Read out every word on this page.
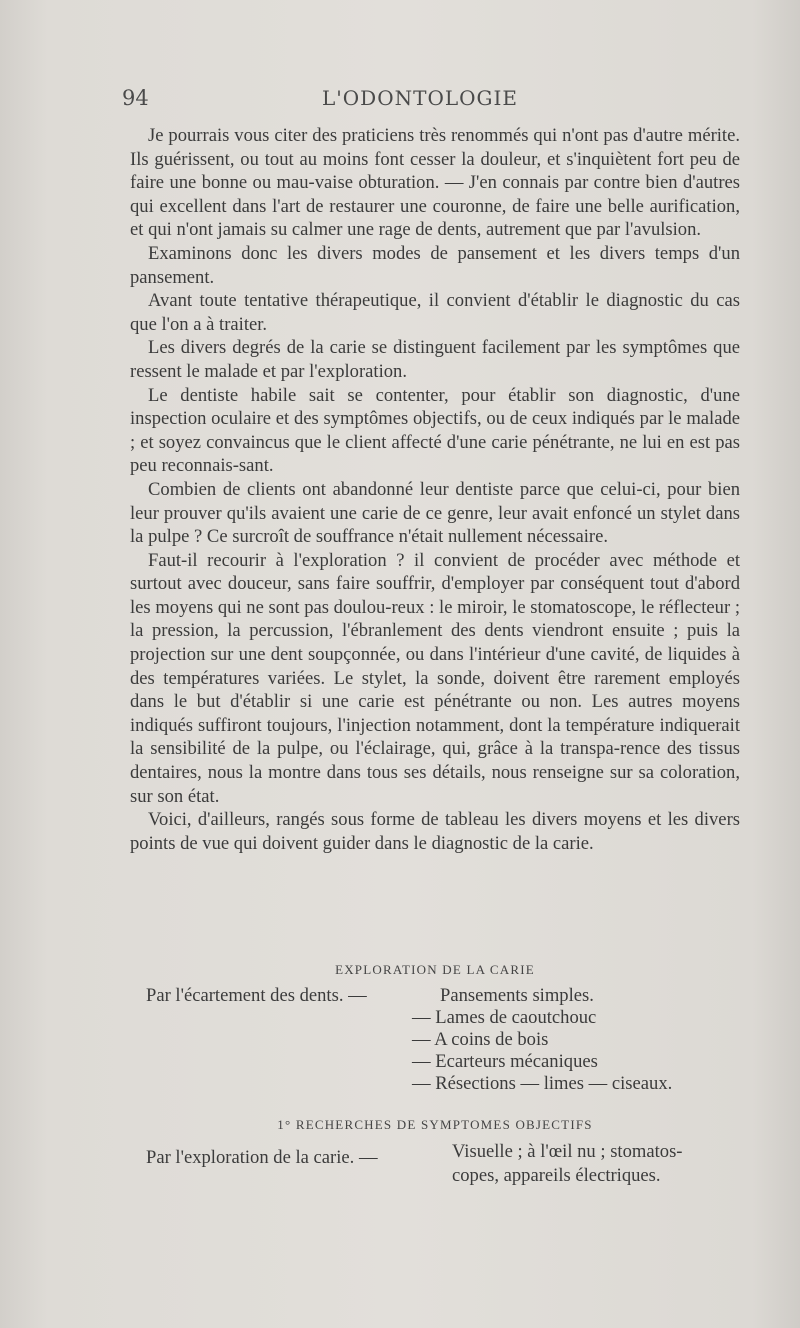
94	L'ODONTOLOGIE

Je pourrais vous citer des praticiens très renommés qui n'ont pas d'autre mérite. Ils guérissent, ou tout au moins font cesser la douleur, et s'inquiètent fort peu de faire une bonne ou mau-vaise obturation. — J'en connais par contre bien d'autres qui excellent dans l'art de restaurer une couronne, de faire une belle aurification, et qui n'ont jamais su calmer une rage de dents, autrement que par l'avulsion.

Examinons donc les divers modes de pansement et les divers temps d'un pansement.

Avant toute tentative thérapeutique, il convient d'établir le diagnostic du cas que l'on a à traiter.

Les divers degrés de la carie se distinguent facilement par les symptômes que ressent le malade et par l'exploration.

Le dentiste habile sait se contenter, pour établir son diagnostic, d'une inspection oculaire et des symptômes objectifs, ou de ceux indiqués par le malade ; et soyez convaincus que le client affecté d'une carie pénétrante, ne lui en est pas peu reconnais-sant.

Combien de clients ont abandonné leur dentiste parce que celui-ci, pour bien leur prouver qu'ils avaient une carie de ce genre, leur avait enfoncé un stylet dans la pulpe ? Ce surcroît de souffrance n'était nullement nécessaire.

Faut-il recourir à l'exploration ? il convient de procéder avec méthode et surtout avec douceur, sans faire souffrir, d'employer par conséquent tout d'abord les moyens qui ne sont pas doulou-reux : le miroir, le stomatoscope, le réflecteur ; la pression, la percussion, l'ébranlement des dents viendront ensuite ; puis la projection sur une dent soupçonnée, ou dans l'intérieur d'une cavité, de liquides à des températures variées. Le stylet, la sonde, doivent être rarement employés dans le but d'établir si une carie est pénétrante ou non. Les autres moyens indiqués suffiront toujours, l'injection notamment, dont la température indiquerait la sensibilité de la pulpe, ou l'éclairage, qui, grâce à la transpa-rence des tissus dentaires, nous la montre dans tous ses détails, nous renseigne sur sa coloration, sur son état.

Voici, d'ailleurs, rangés sous forme de tableau les divers moyens et les divers points de vue qui doivent guider dans le diagnostic de la carie.

EXPLORATION DE LA CARIE
Par l'écartement des dents. —	Pansements simples.
— Lames de caoutchouc
— A coins de bois
— Ecarteurs mécaniques
— Résections — limes — ciseaux.
1° RECHERCHES DE SYMPTOMES OBJECTIFS
Par l'exploration de la carie. —	Visuelle ; à l'œil nu ; stomatos-
copes, appareils électriques.
